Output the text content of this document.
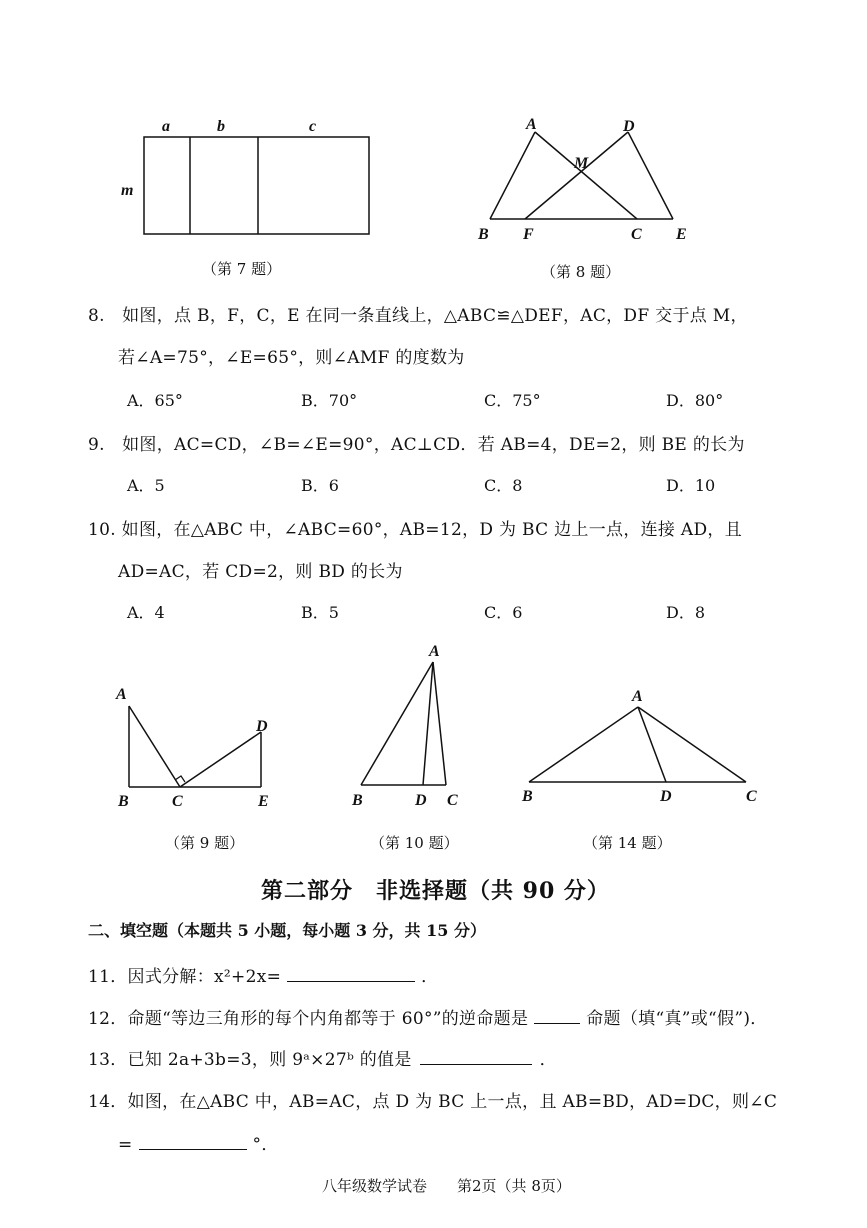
a	b	c
m
（第 7 题）
A	D
M
B F	C E
（第 8 题）
8.　如图，点 B，F，C，E 在同一条直线上，△ABC≌△DEF，AC，DF 交于点 M，
若∠A=75°，∠E=65°，则∠AMF 的度数为
A．65°	B．70°	C．75°	D．80°
9.　如图，AC=CD，∠B=∠E=90°，AC⊥CD．若 AB=4，DE=2，则 BE 的长为
A．5	B．6	C．8	D．10
10. 如图，在△ABC 中，∠ABC=60°，AB=12，D 为 BC 边上一点，连接 AD，且
AD=AC，若 CD=2，则 BD 的长为
A．4	B．5	C．6	D．8
A
D
B	C	E
（第 9 题）
A
B	D C
（第 10 题）
A
B	D	C
（第 14 题）
第二部分　非选择题（共 90 分）
二、填空题（本题共 5 小题，每小题 3 分，共 15 分）
11．因式分解：x²+2x=	．
12．命题“等边三角形的每个内角都等于 60°”的逆命题是	命题（填“真”或“假”)．
13．已知 2a+3b=3，则 9ᵃ×27ᵇ 的值是	．
14．如图，在△ABC 中，AB=AC，点 D 为 BC 上一点，且 AB=BD，AD=DC，则∠C
=	°．
八年级数学试卷　　第2页（共 8页）
